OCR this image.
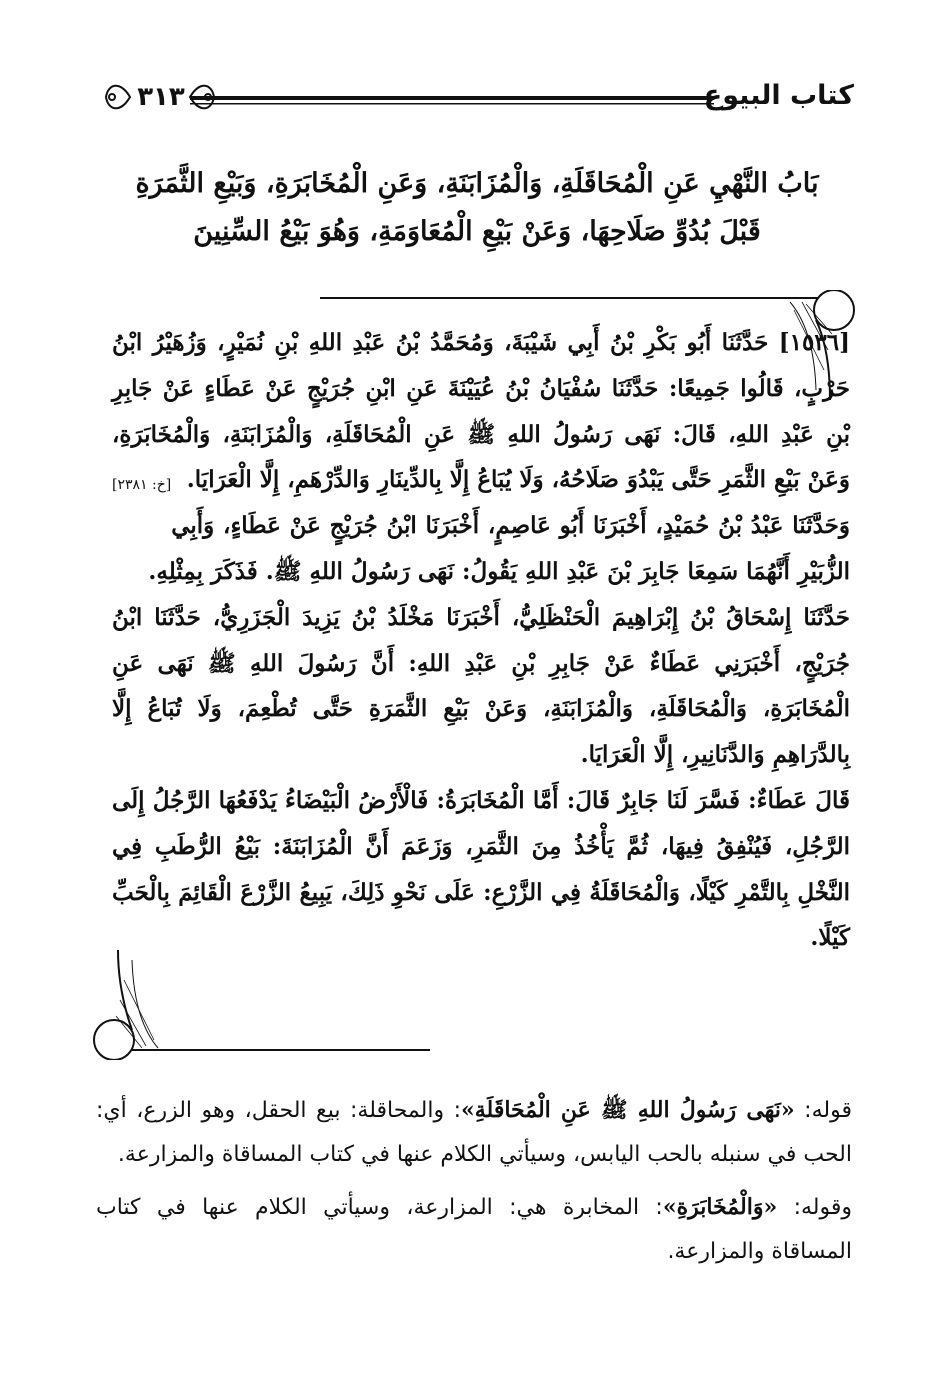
٣١٣	كتاب البيوع
بَابُ النَّهْيِ عَنِ الْمُحَاقَلَةِ، وَالْمُزَابَنَةِ، وَعَنِ الْمُخَابَرَةِ، وَبَيْعِ الثَّمَرَةِ
قَبْلَ بُدُوِّ صَلَاحِهَا، وَعَنْ بَيْعِ الْمُعَاوَمَةِ، وَهُوَ بَيْعُ السِّنِينَ

[١٥٣٦] حَدَّثَنَا أَبُو بَكْرِ بْنُ أَبِي شَيْبَةَ، وَمُحَمَّدُ بْنُ عَبْدِ اللهِ بْنِ نُمَيْرٍ، وَزُهَيْرُ ابْنُ حَرْبٍ، قَالُوا جَمِيعًا: حَدَّثَنَا سُفْيَانُ بْنُ عُيَيْنَةَ عَنِ ابْنِ جُرَيْجٍ عَنْ عَطَاءٍ عَنْ جَابِرِ بْنِ عَبْدِ اللهِ، قَالَ: نَهَى رَسُولُ اللهِ ﷺ عَنِ الْمُحَاقَلَةِ، وَالْمُزَابَنَةِ، وَالْمُخَابَرَةِ، وَعَنْ بَيْعِ الثَّمَرِ حَتَّى يَبْدُوَ صَلَاحُهُ، وَلَا يُبَاعُ إِلَّا بِالدِّينَارِ وَالدِّرْهَمِ، إِلَّا الْعَرَايَا.
[خ: ٢٣٨١]

وَحَدَّثَنَا عَبْدُ بْنُ حُمَيْدٍ، أَخْبَرَنَا أَبُو عَاصِمٍ، أَخْبَرَنَا ابْنُ جُرَيْجٍ عَنْ عَطَاءٍ، وَأَبِي الزُّبَيْرِ أَنَّهُمَا سَمِعَا جَابِرَ بْنَ عَبْدِ اللهِ يَقُولُ: نَهَى رَسُولُ اللهِ ﷺ. فَذَكَرَ بِمِثْلِهِ.

حَدَّثَنَا إِسْحَاقُ بْنُ إِبْرَاهِيمَ الْحَنْظَلِيُّ، أَخْبَرَنَا مَخْلَدُ بْنُ يَزِيدَ الْجَزَرِيُّ، حَدَّثَنَا ابْنُ جُرَيْجٍ، أَخْبَرَنِي عَطَاءٌ عَنْ جَابِرِ بْنِ عَبْدِ اللهِ: أَنَّ رَسُولَ اللهِ ﷺ نَهَى عَنِ الْمُخَابَرَةِ، وَالْمُحَاقَلَةِ، وَالْمُزَابَنَةِ، وَعَنْ بَيْعِ الثَّمَرَةِ حَتَّى تُطْعِمَ، وَلَا تُبَاعُ إِلَّا بِالدَّرَاهِمِ وَالدَّنَانِيرِ، إِلَّا الْعَرَايَا.

قَالَ عَطَاءٌ: فَسَّرَ لَنَا جَابِرٌ قَالَ: أَمَّا الْمُخَابَرَةُ: فَالْأَرْضُ الْبَيْضَاءُ يَدْفَعُهَا الرَّجُلُ إِلَى الرَّجُلِ، فَيُنْفِقُ فِيهَا، ثُمَّ يَأْخُذُ مِنَ الثَّمَرِ، وَزَعَمَ أَنَّ الْمُزَابَنَةَ: بَيْعُ الرُّطَبِ فِي النَّخْلِ بِالتَّمْرِ كَيْلًا، وَالْمُحَاقَلَةُ فِي الزَّرْعِ: عَلَى نَحْوِ ذَلِكَ، يَبِيعُ الزَّرْعَ الْقَائِمَ بِالْحَبِّ كَيْلًا.

قوله: «نَهَى رَسُولُ اللهِ ﷺ عَنِ الْمُحَاقَلَةِ»: والمحاقلة: بيع الحقل، وهو الزرع، أي: الحب في سنبله بالحب اليابس، وسيأتي الكلام عنها في كتاب المساقاة والمزارعة.

وقوله: «وَالْمُخَابَرَةِ»: المخابرة هي: المزارعة، وسيأتي الكلام عنها في كتاب المساقاة والمزارعة.
